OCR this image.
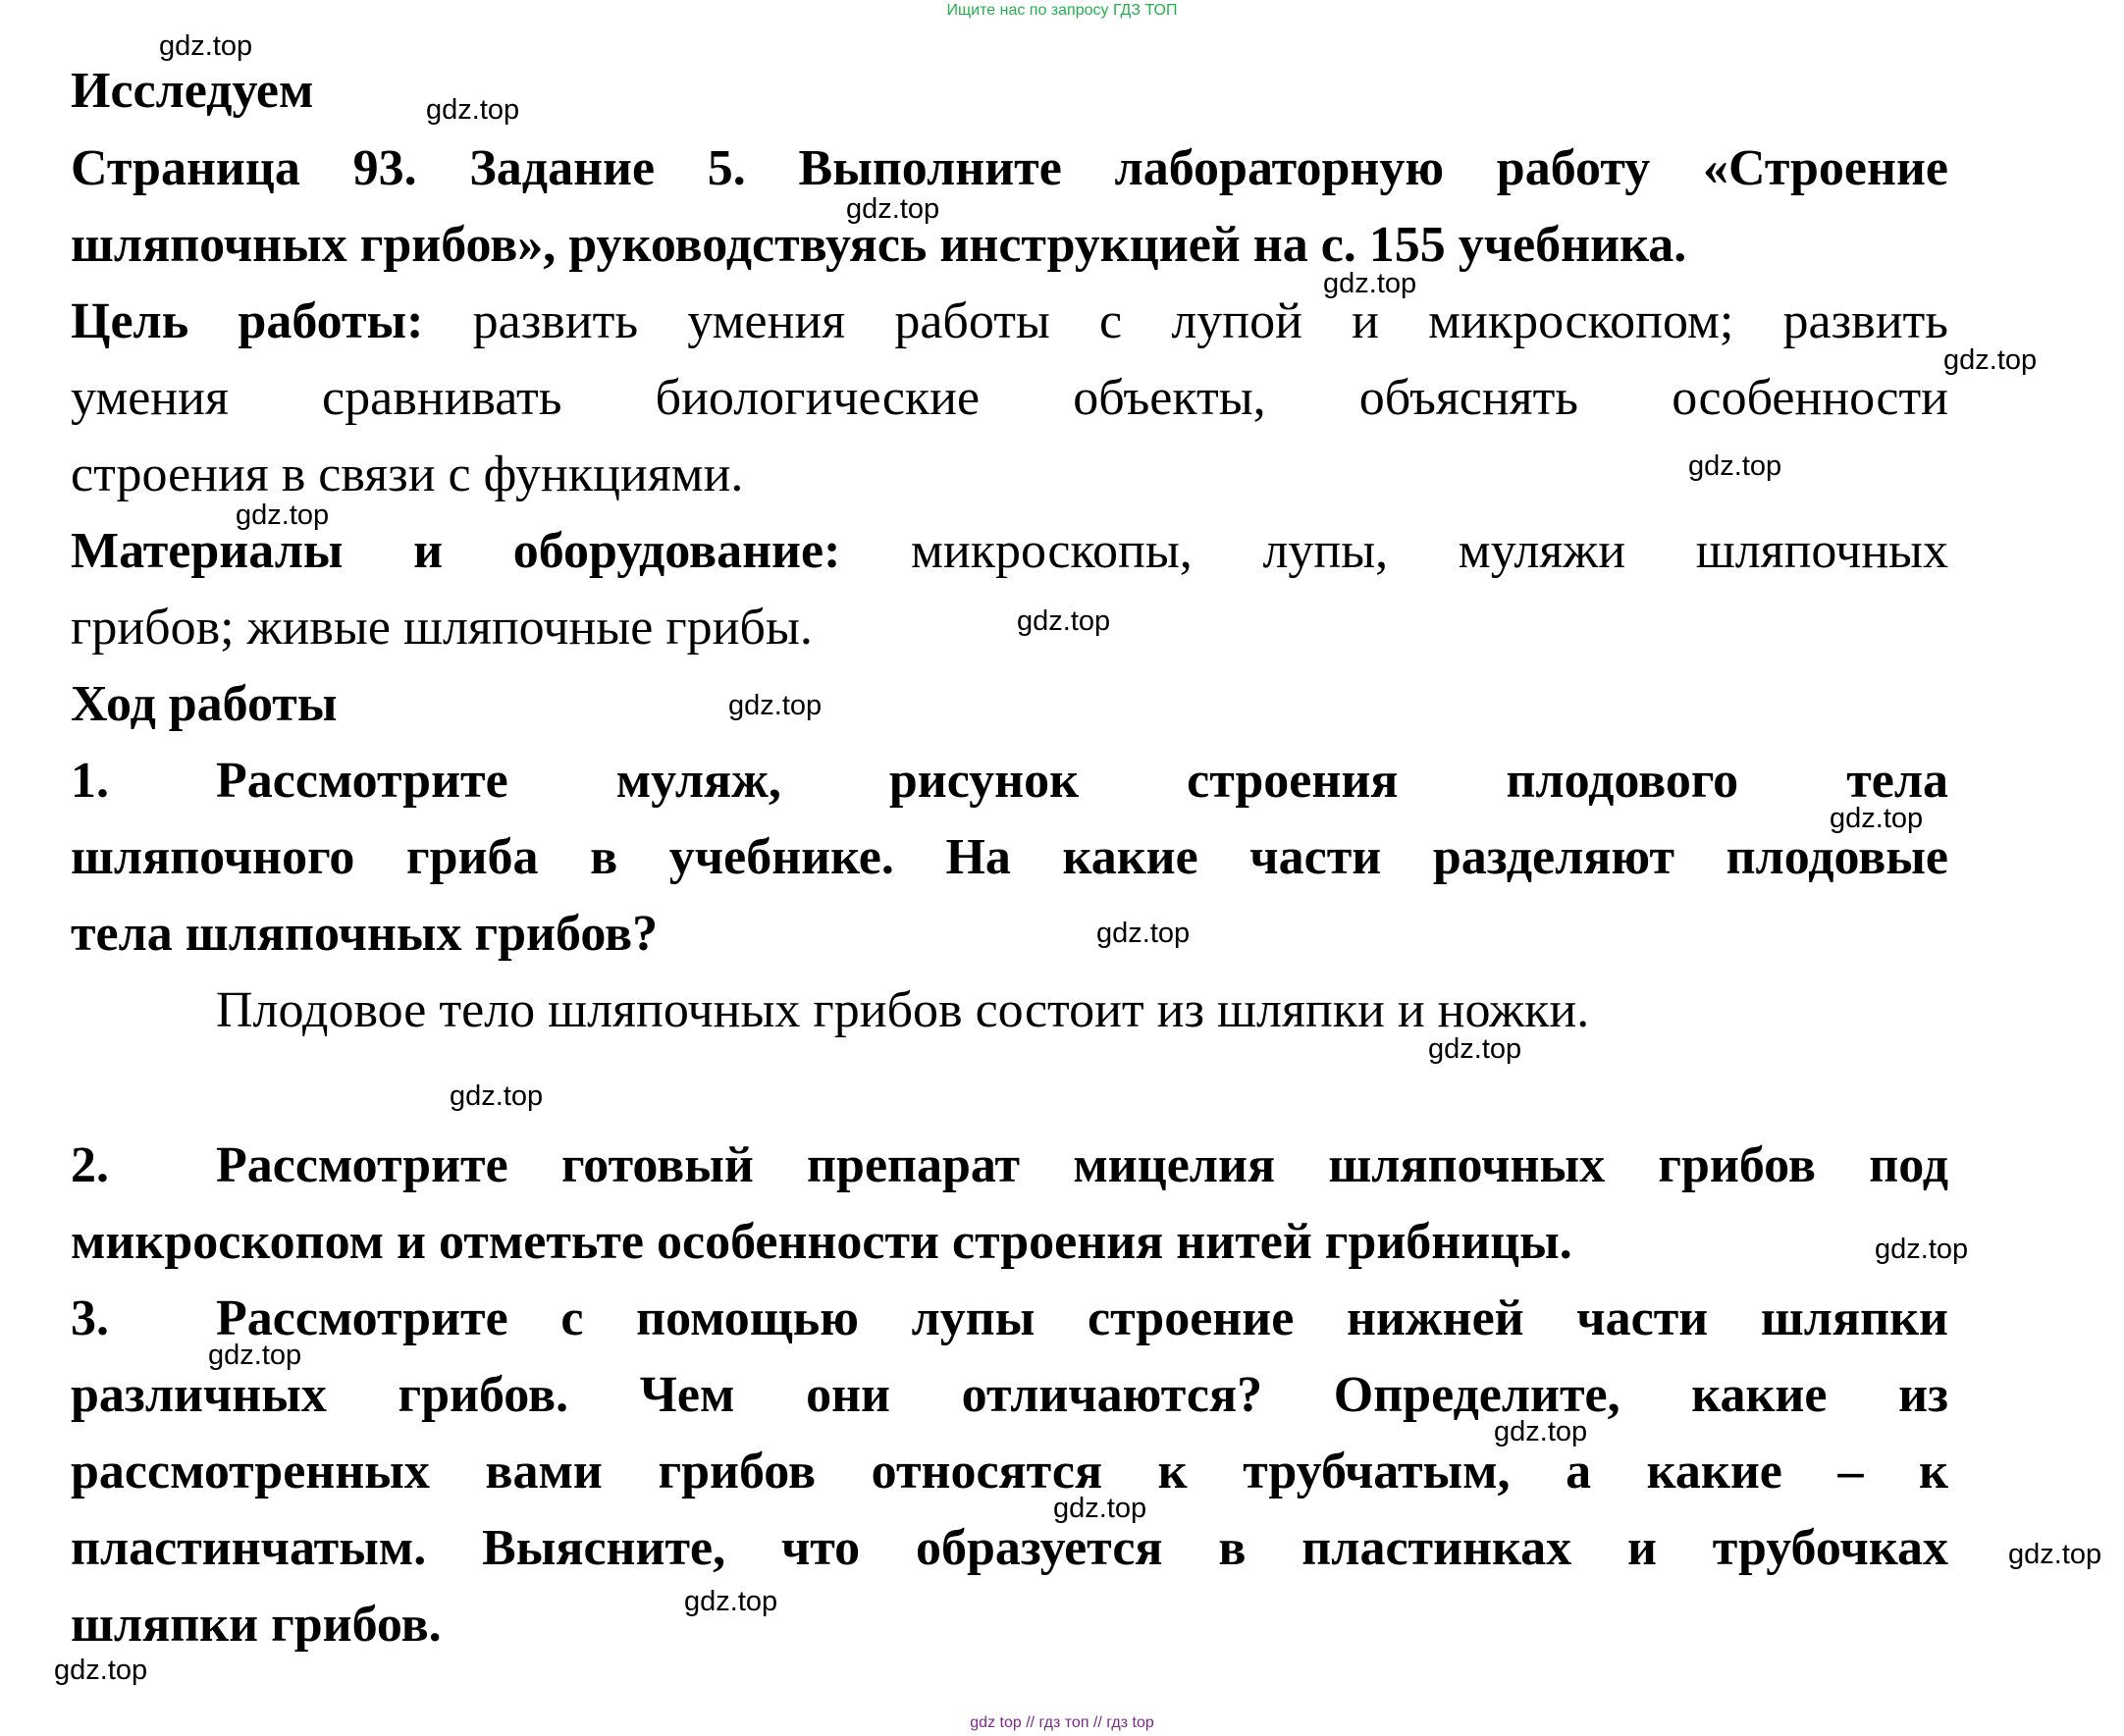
Ищите нас по запросу ГДЗ ТОП
Исследуем
Страница 93. Задание 5. Выполните лабораторную работу «Строение
шляпочных грибов», руководствуясь инструкцией на с. 155 учебника.
Цель работы: развить умения работы с лупой и микроскопом; развить
умения сравнивать биологические объекты, объяснять особенности
строения в связи с функциями.
Материалы и оборудование: микроскопы, лупы, муляжи шляпочных
грибов; живые шляпочные грибы.
Ход работы
1. Рассмотрите муляж, рисунок строения плодового тела
шляпочного гриба в учебнике. На какие части разделяют плодовые
тела шляпочных грибов?
Плодовое тело шляпочных грибов состоит из шляпки и ножки.
2. Рассмотрите готовый препарат мицелия шляпочных грибов под
микроскопом и отметьте особенности строения нитей грибницы.
3. Рассмотрите с помощью лупы строение нижней части шляпки
различных грибов. Чем они отличаются? Определите, какие из
рассмотренных вами грибов относятся к трубчатым, а какие – к
пластинчатым. Выясните, что образуется в пластинках и трубочках
шляпки грибов.
gdz.top
gdz.top
gdz.top
gdz.top
gdz.top
gdz.top
gdz.top
gdz.top
gdz.top
gdz.top
gdz.top
gdz.top
gdz.top
gdz.top
gdz.top
gdz.top
gdz.top
gdz.top
gdz.top
gdz.top
gdz top // гдз топ // гдз top
